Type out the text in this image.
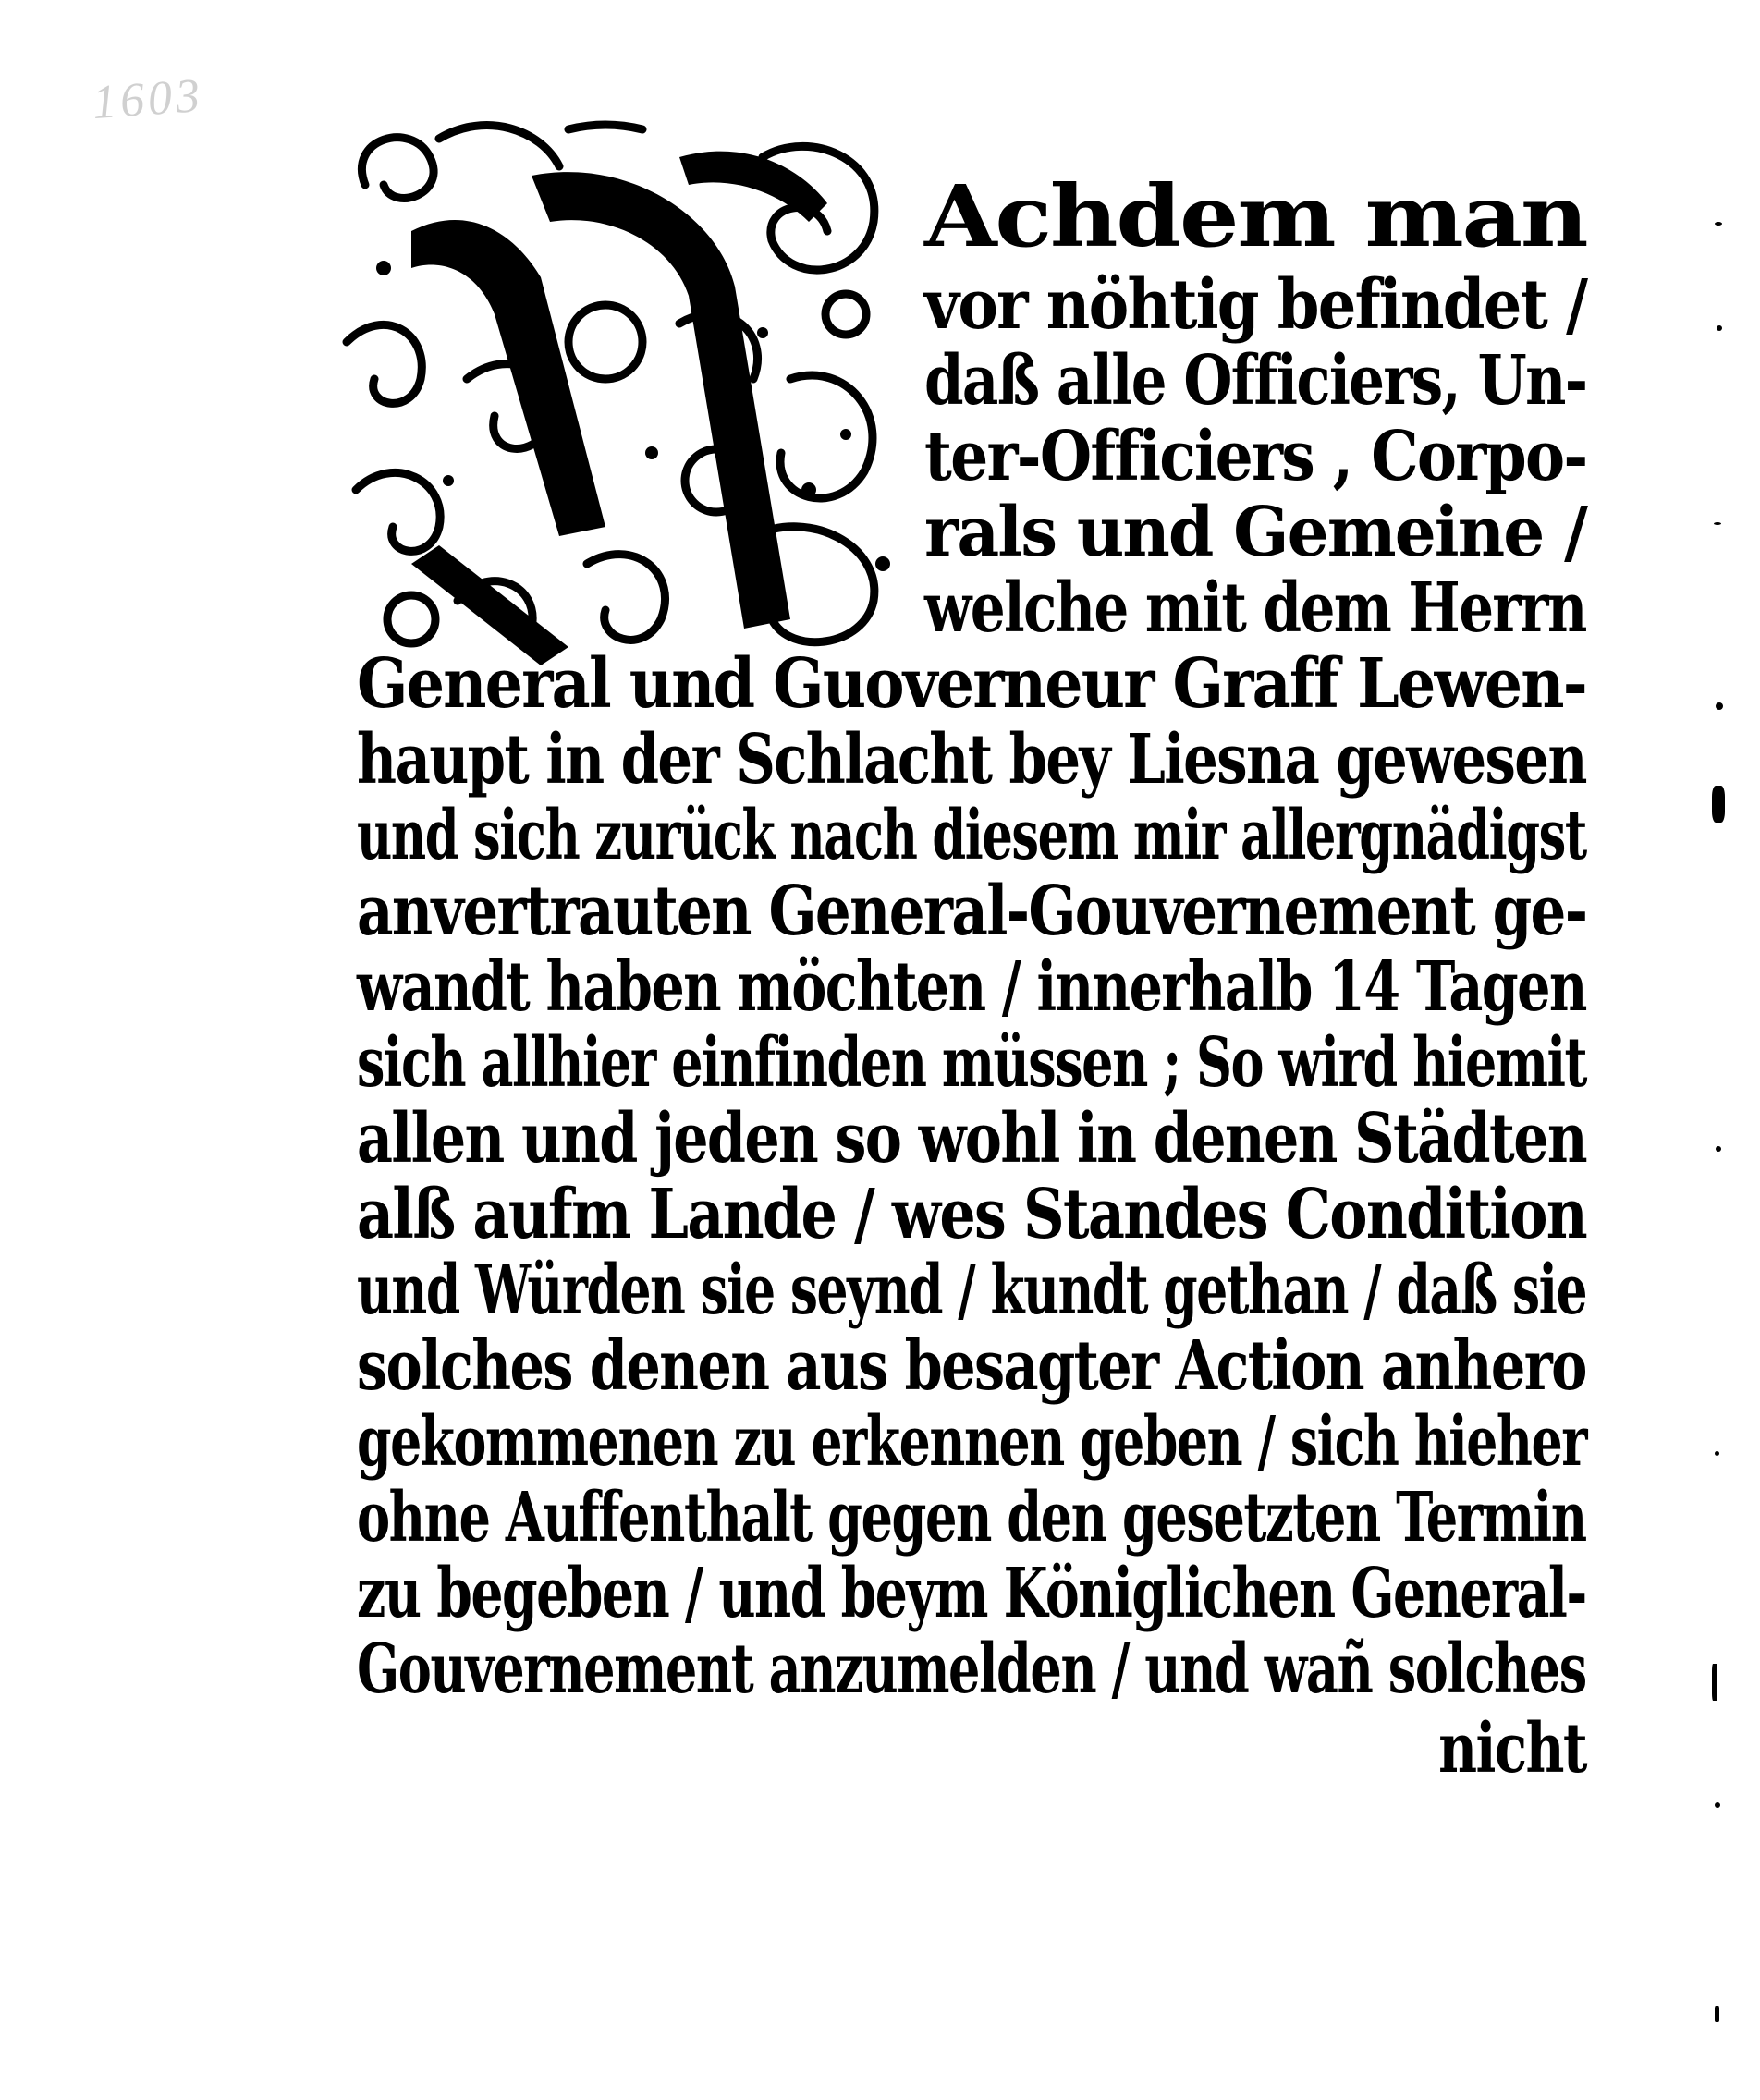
1603
Achdem man
vor nöhtig befindet /
daß alle Officiers, Un-
ter-Officiers , Corpo-
rals und Gemeine /
welche mit dem Herrn
General und Guoverneur Graff Lewen-
haupt in der Schlacht bey Liesna gewesen
und sich zurück nach diesem mir allergnädigst
anvertrauten General-Gouvernement ge-
wandt haben möchten / innerhalb 14 Tagen
sich allhier einfinden müssen ; So wird hiemit
allen und jeden so wohl in denen Städten
alß aufm Lande / wes Standes Condition
und Würden sie seynd / kundt gethan / daß sie
solches denen aus besagter Action anhero
gekommenen zu erkennen geben / sich hieher
ohne Auffenthalt gegen den gesetzten Termin
zu begeben / und beym Königlichen General-
Gouvernement anzumelden / und wañ solches
nicht
